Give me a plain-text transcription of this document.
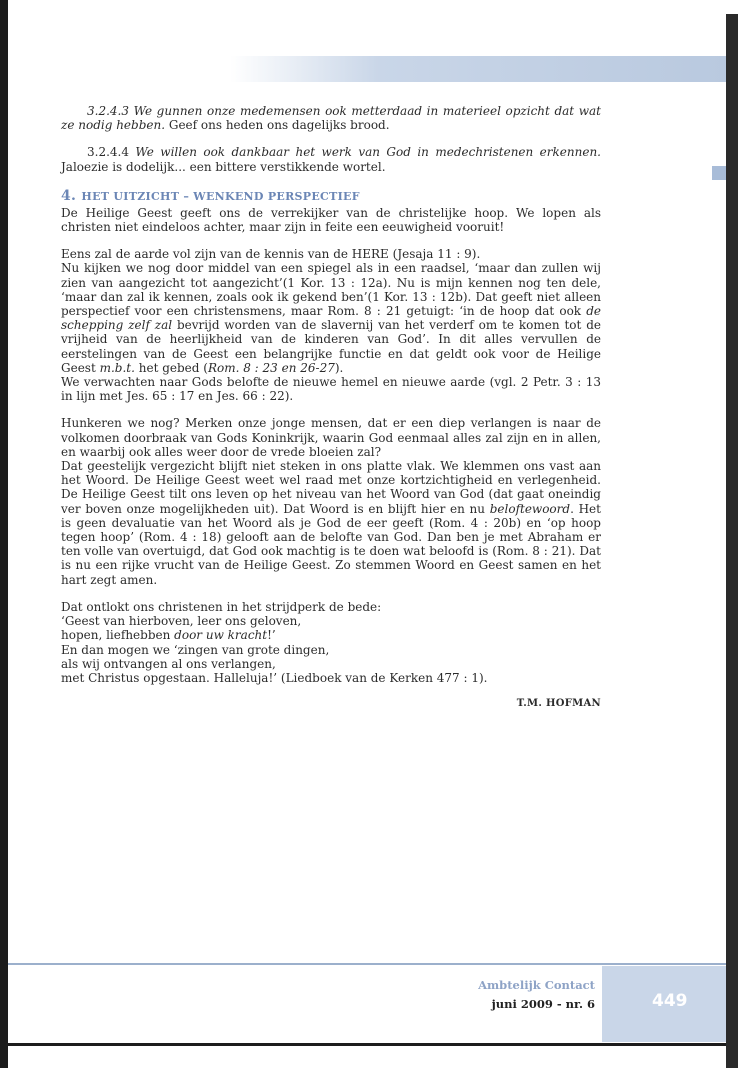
3.2.4.3 We gunnen onze medemensen ook metterdaad in materieel opzicht dat wat ze nodig hebben. Geef ons heden ons dagelijks brood.

3.2.4.4 We willen ook dankbaar het werk van God in medechristenen erkennen. Jaloezie is dodelijk... een bittere verstikkende wortel.

4. HET UITZICHT – WENKEND PERSPECTIEF

De Heilige Geest geeft ons de verrekijker van de christelijke hoop. We lopen als christen niet eindeloos achter, maar zijn in feite een eeuwigheid vooruit!

Eens zal de aarde vol zijn van de kennis van de HERE (Jesaja 11 : 9).

Nu kijken we nog door middel van een spiegel als in een raadsel, ‘maar dan zullen wij zien van aangezicht tot aangezicht’(1 Kor. 13 : 12a). Nu is mijn kennen nog ten dele, ‘maar dan zal ik kennen, zoals ook ik gekend ben’(1 Kor. 13 : 12b). Dat geeft niet alleen perspectief voor een christensmens, maar Rom. 8 : 21 getuigt: ‘in de hoop dat ook de schepping zelf zal bevrijd worden van de slavernij van het verderf om te komen tot de vrijheid van de heerlijkheid van de kinderen van God’. In dit alles vervullen de eerstelingen van de Geest een belangrijke functie en dat geldt ook voor de Heilige Geest m.b.t. het gebed (Rom. 8 : 23 en 26-27).

We verwachten naar Gods belofte de nieuwe hemel en nieuwe aarde (vgl. 2 Petr. 3 : 13 in lijn met Jes. 65 : 17 en Jes. 66 : 22).

Hunkeren we nog? Merken onze jonge mensen, dat er een diep verlangen is naar de volkomen doorbraak van Gods Koninkrijk, waarin God eenmaal alles zal zijn en in allen, en waarbij ook alles weer door de vrede bloeien zal?

Dat geestelijk vergezicht blijft niet steken in ons platte vlak. We klemmen ons vast aan het Woord. De Heilige Geest weet wel raad met onze kortzichtigheid en verlegenheid. De Heilige Geest tilt ons leven op het niveau van het Woord van God (dat gaat oneindig ver boven onze mogelijkheden uit). Dat Woord is en blijft hier en nu beloftewoord. Het is geen devaluatie van het Woord als je God de eer geeft (Rom. 4 : 20b) en ‘op hoop tegen hoop’ (Rom. 4 : 18) gelooft aan de belofte van God. Dan ben je met Abraham er ten volle van overtuigd, dat God ook machtig is te doen wat beloofd is (Rom. 8 : 21). Dat is nu een rijke vrucht van de Heilige Geest. Zo stemmen Woord en Geest samen en het hart zegt amen.

Dat ontlokt ons christenen in het strijdperk de bede:

‘Geest van hierboven, leer ons geloven,

hopen, liefhebben door uw kracht!’

En dan mogen we ‘zingen van grote dingen,

als wij ontvangen al ons verlangen,

met Christus opgestaan. Halleluja!’ (Liedboek van de Kerken 477 : 1).

T.M. HOFMAN
Ambtelijk Contact
juni 2009 - nr. 6	449
